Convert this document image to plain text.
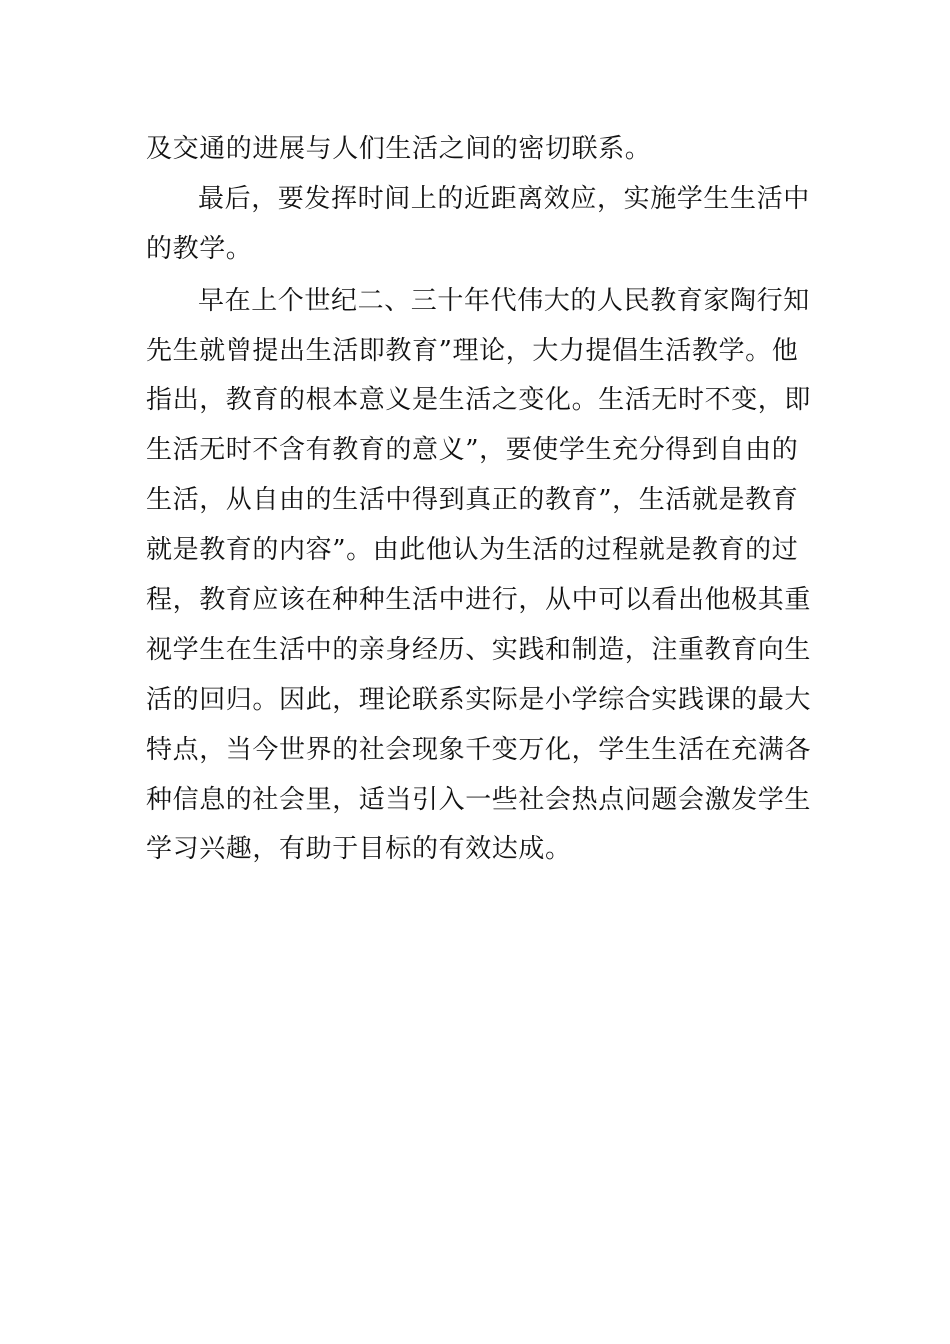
及交通的进展与人们生活之间的密切联系。
最后，要发挥时间上的近距离效应，实施学生生活中
的教学。
早在上个世纪二、三十年代伟大的人民教育家陶行知
先生就曾提出生活即教育”理论，大力提倡生活教学。他
指出，教育的根本意义是生活之变化。生活无时不变，即
生活无时不含有教育的意义”，要使学生充分得到自由的
生活，从自由的生活中得到真正的教育”，生活就是教育
就是教育的内容”。由此他认为生活的过程就是教育的过
程，教育应该在种种生活中进行，从中可以看出他极其重
视学生在生活中的亲身经历、实践和制造，注重教育向生
活的回归。因此，理论联系实际是小学综合实践课的最大
特点，当今世界的社会现象千变万化，学生生活在充满各
种信息的社会里，适当引入一些社会热点问题会激发学生
学习兴趣，有助于目标的有效达成。
